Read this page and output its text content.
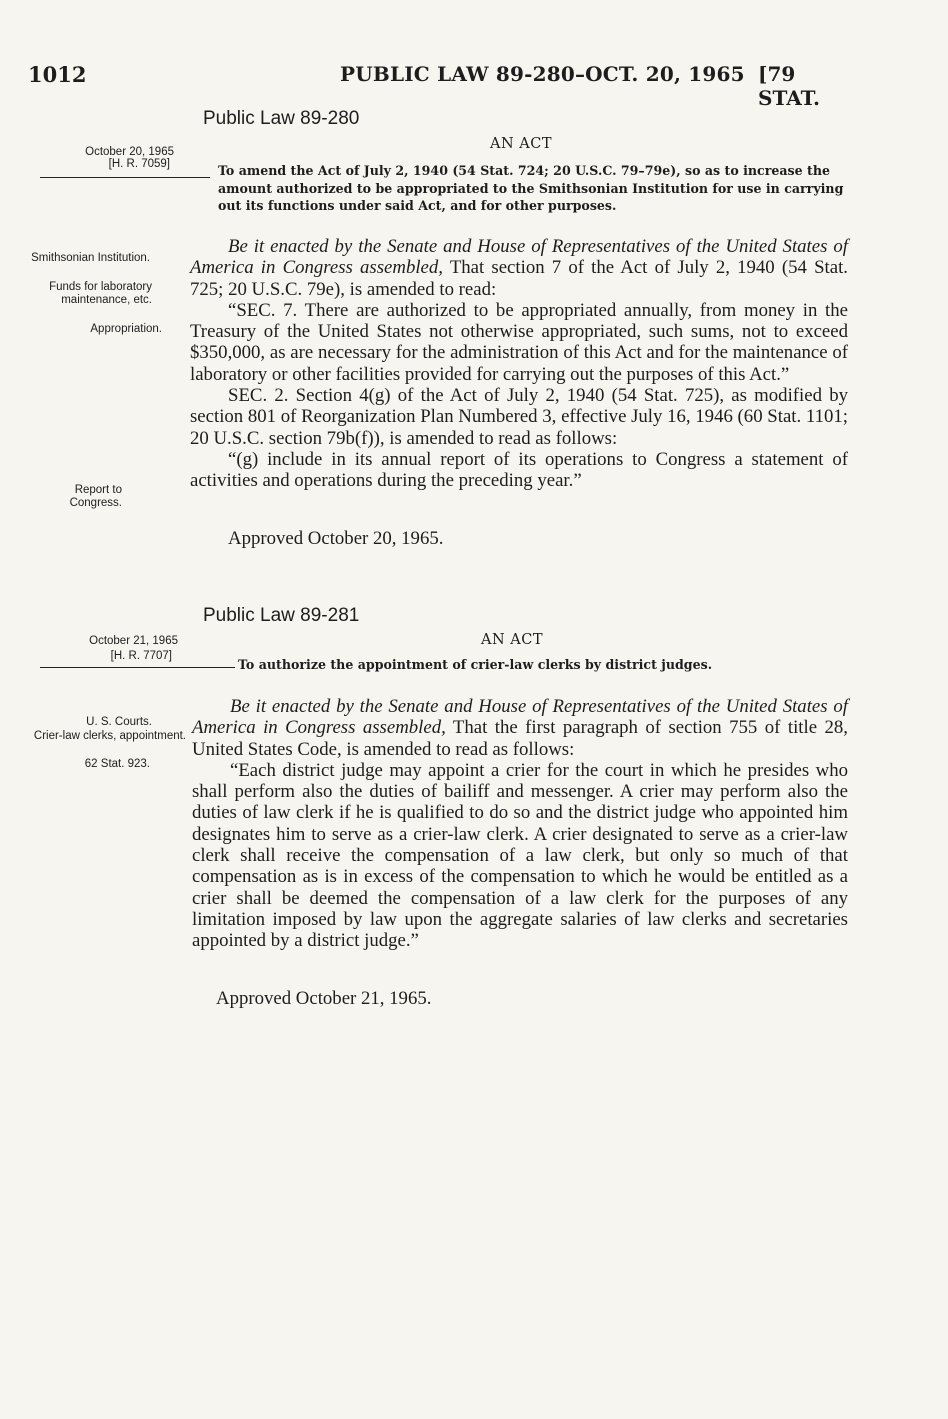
1012	PUBLIC LAW 89-280–OCT. 20, 1965 [79 STAT.
Public Law 89-280
October 20, 1965
[H. R. 7059]
AN ACT
To amend the Act of July 2, 1940 (54 Stat. 724; 20 U.S.C. 79–79e), so as to increase the amount authorized to be appropriated to the Smithsonian Institution for use in carrying out its functions under said Act, and for other purposes.
Smithsonian Institution.
Funds for laboratory maintenance, etc.
Appropriation.

Be it enacted by the Senate and House of Representatives of the United States of America in Congress assembled, That section 7 of the Act of July 2, 1940 (54 Stat. 725; 20 U.S.C. 79e), is amended to read:

“SEC. 7. There are authorized to be appropriated annually, from money in the Treasury of the United States not otherwise appropriated, such sums, not to exceed $350,000, as are necessary for the administration of this Act and for the maintenance of laboratory or other facilities provided for carrying out the purposes of this Act.”

SEC. 2. Section 4(g) of the Act of July 2, 1940 (54 Stat. 725), as modified by section 801 of Reorganization Plan Numbered 3, effective July 16, 1946 (60 Stat. 1101; 20 U.S.C. section 79b(f)), is amended to read as follows:

“(g) include in its annual report of its operations to Congress a statement of activities and operations during the preceding year.”

Report to Congress.
Approved October 20, 1965.
Public Law 89-281
October 21, 1965
[H. R. 7707]
AN ACT
To authorize the appointment of crier-law clerks by district judges.
U. S. Courts.
Crier-law clerks, appointment.
62 Stat. 923.

Be it enacted by the Senate and House of Representatives of the United States of America in Congress assembled, That the first paragraph of section 755 of title 28, United States Code, is amended to read as follows:

“Each district judge may appoint a crier for the court in which he presides who shall perform also the duties of bailiff and messenger. A crier may perform also the duties of law clerk if he is qualified to do so and the district judge who appointed him designates him to serve as a crier-law clerk. A crier designated to serve as a crier-law clerk shall receive the compensation of a law clerk, but only so much of that compensation as is in excess of the compensation to which he would be entitled as a crier shall be deemed the compensation of a law clerk for the purposes of any limitation imposed by law upon the aggregate salaries of law clerks and secretaries appointed by a district judge.”

Approved October 21, 1965.
